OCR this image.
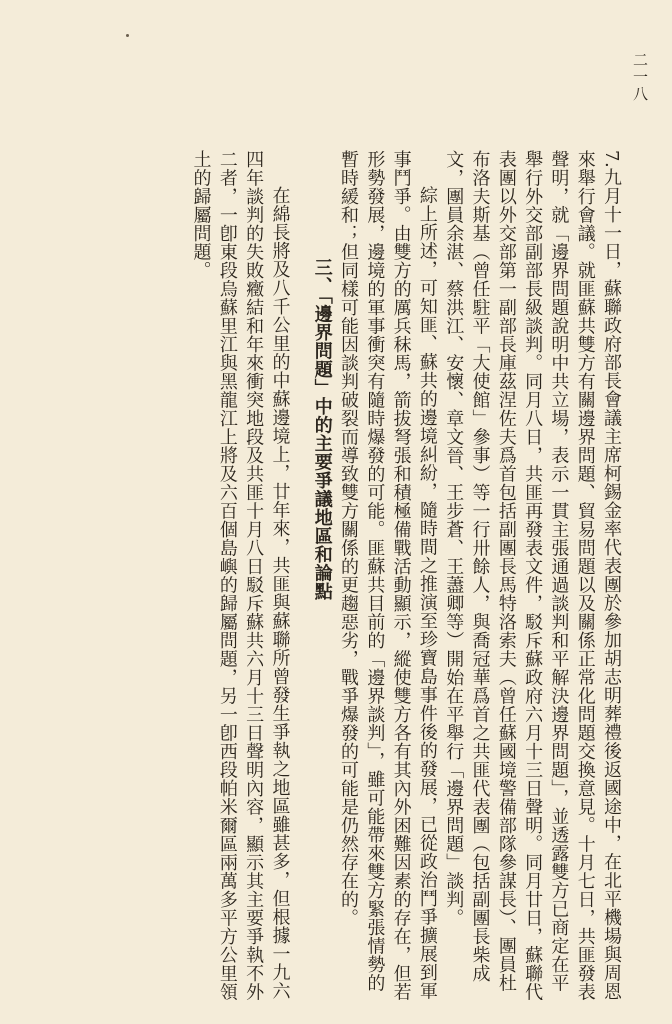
二一八

7.九月十一日，蘇聯政府部長會議主席柯錫金率代表團於參加胡志明葬禮後返國途中，在北平機場與周恩來舉行會議。就匪蘇共雙方有關邊界問題、貿易問題以及關係正常化問題交換意見。十月七日，共匪發表聲明，就「邊界問題說明中共立場，表示一貫主張通過談判和平解決邊界問題」，並透露雙方已商定在平舉行外交部副部長級談判。同月八日，共匪再發表文件，駁斥蘇政府六月十三日聲明。同月廿日，蘇聯代表團以外交部第一副部長庫茲涅佐夫爲首包括副團長馬特洛索夫（曾任蘇國境警備部隊參謀長）、團員杜布洛夫斯基（曾任駐平「大使館」參事）等一行卅餘人，與喬冠華爲首之共匪代表團（包括副團長柴成文，團員余湛、蔡洪江、安懷、章文晉、王步蒼、王藎卿等）開始在平舉行「邊界問題」談判。

綜上所述，可知匪、蘇共的邊境糾紛，隨時間之推演至珍寶島事件後的發展，已從政治鬥爭擴展到軍事鬥爭。由雙方的厲兵秣馬，箭拔弩張和積極備戰活動顯示，縱使雙方各有其內外困難因素的存在，但若形勢發展，邊境的軍事衝突有隨時爆發的可能。匪蘇共目前的「邊界談判」，雖可能帶來雙方緊張情勢的暫時緩和；但同樣可能因談判破裂而導致雙方關係的更趨惡劣，戰爭爆發的可能是仍然存在的。

三、「邊界問題」中的主要爭議地區和論點

在綿長將及八千公里的中蘇邊境上，廿年來，共匪與蘇聯所曾發生爭執之地區雖甚多，但根據一九六四年談判的失敗癥結和年來衝突地段及共匪十月八日駁斥蘇共六月十三日聲明內容，顯示其主要爭執不外二者，一卽東段烏蘇里江與黑龍江上將及六百個島嶼的歸屬問題，另一卽西段帕米爾區兩萬多平方公里領土的歸屬問題。
